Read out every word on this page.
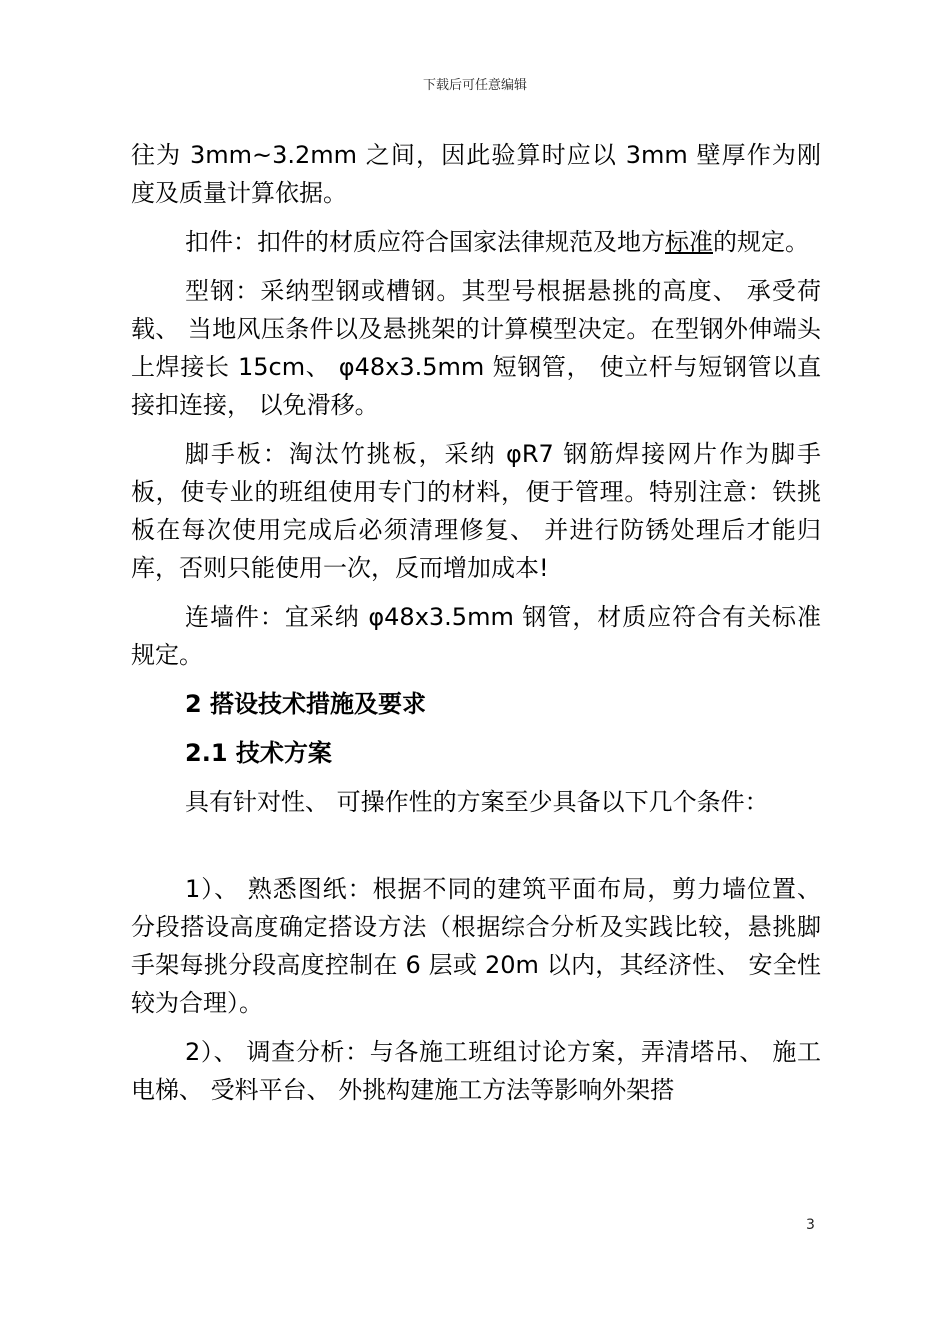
下载后可任意编辑

往为 3mm~3.2mm 之间，因此验算时应以 3mm 壁厚作为刚度及质量计算依据。

扣件：扣件的材质应符合国家法律规范及地方标准的规定。

型钢：采纳型钢或槽钢。其型号根据悬挑的高度、 承受荷载、 当地风压条件以及悬挑架的计算模型决定。在型钢外伸端头上焊接长 15cm、 φ48x3.5mm 短钢管， 使立杆与短钢管以直接扣连接， 以免滑移。

脚手板：淘汰竹挑板，采纳 φR7 钢筋焊接网片作为脚手板，使专业的班组使用专门的材料，便于管理。特别注意：铁挑板在每次使用完成后必须清理修复、 并进行防锈处理后才能归库，否则只能使用一次，反而增加成本!

连墙件：宜采纳 φ48x3.5mm 钢管，材质应符合有关标准规定。

2 搭设技术措施及要求
2.1 技术方案

具有针对性、 可操作性的方案至少具备以下几个条件：

1）、 熟悉图纸：根据不同的建筑平面布局，剪力墙位置、 分段搭设高度确定搭设方法（根据综合分析及实践比较，悬挑脚手架每挑分段高度控制在 6 层或 20m 以内，其经济性、 安全性较为合理）。

2）、 调查分析：与各施工班组讨论方案，弄清塔吊、 施工电梯、 受料平台、 外挑构建施工方法等影响外架搭

3
